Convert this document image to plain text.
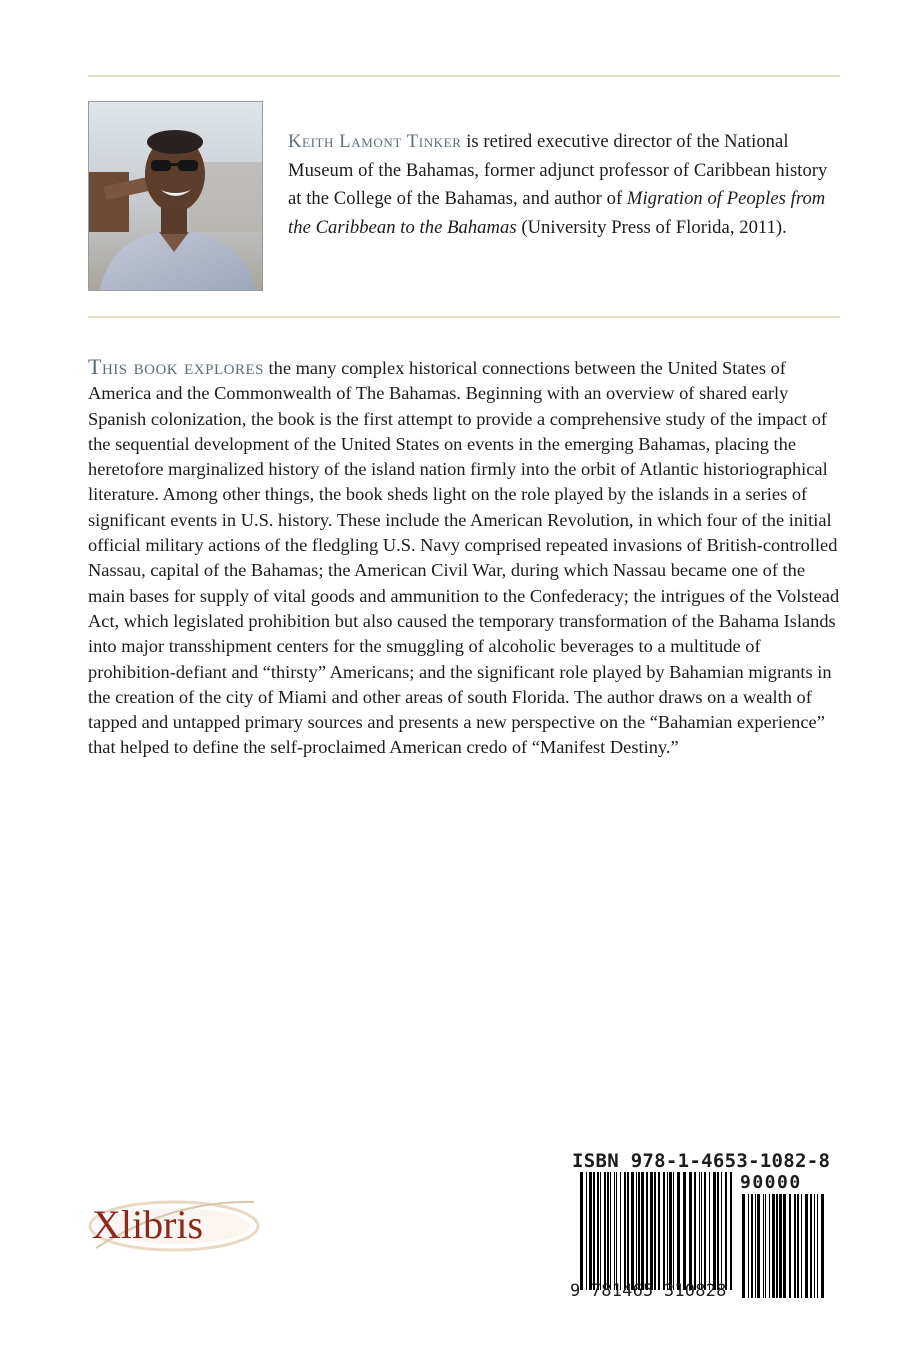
Keith Lamont Tinker is retired executive director of the National Museum of the Bahamas, former adjunct professor of Caribbean history at the College of the Bahamas, and author of Migration of Peoples from the Caribbean to the Bahamas (University Press of Florida, 2011).
This book explores the many complex historical connections between the United States of America and the Commonwealth of The Bahamas. Beginning with an overview of shared early Spanish colonization, the book is the first attempt to provide a comprehensive study of the impact of the sequential development of the United States on events in the emerging Bahamas, placing the heretofore marginalized history of the island nation firmly into the orbit of Atlantic historiographical literature. Among other things, the book sheds light on the role played by the islands in a series of significant events in U.S. history. These include the American Revolution, in which four of the initial official military actions of the fledgling U.S. Navy comprised repeated invasions of British-controlled Nassau, capital of the Bahamas; the American Civil War, during which Nassau became one of the main bases for supply of vital goods and ammunition to the Confederacy; the intrigues of the Volstead Act, which legislated prohibition but also caused the temporary transformation of the Bahama Islands into major transshipment centers for the smuggling of alcoholic beverages to a multitude of prohibition-defiant and “thirsty” Americans; and the significant role played by Bahamian migrants in the creation of the city of Miami and other areas of south Florida. The author draws on a wealth of tapped and untapped primary sources and presents a new perspective on the “Bahamian experience” that helped to define the self-proclaimed American credo of “Manifest Destiny.”
Xlibris
ISBN 978-1-4653-1082-8
90000
9 781465 310828
